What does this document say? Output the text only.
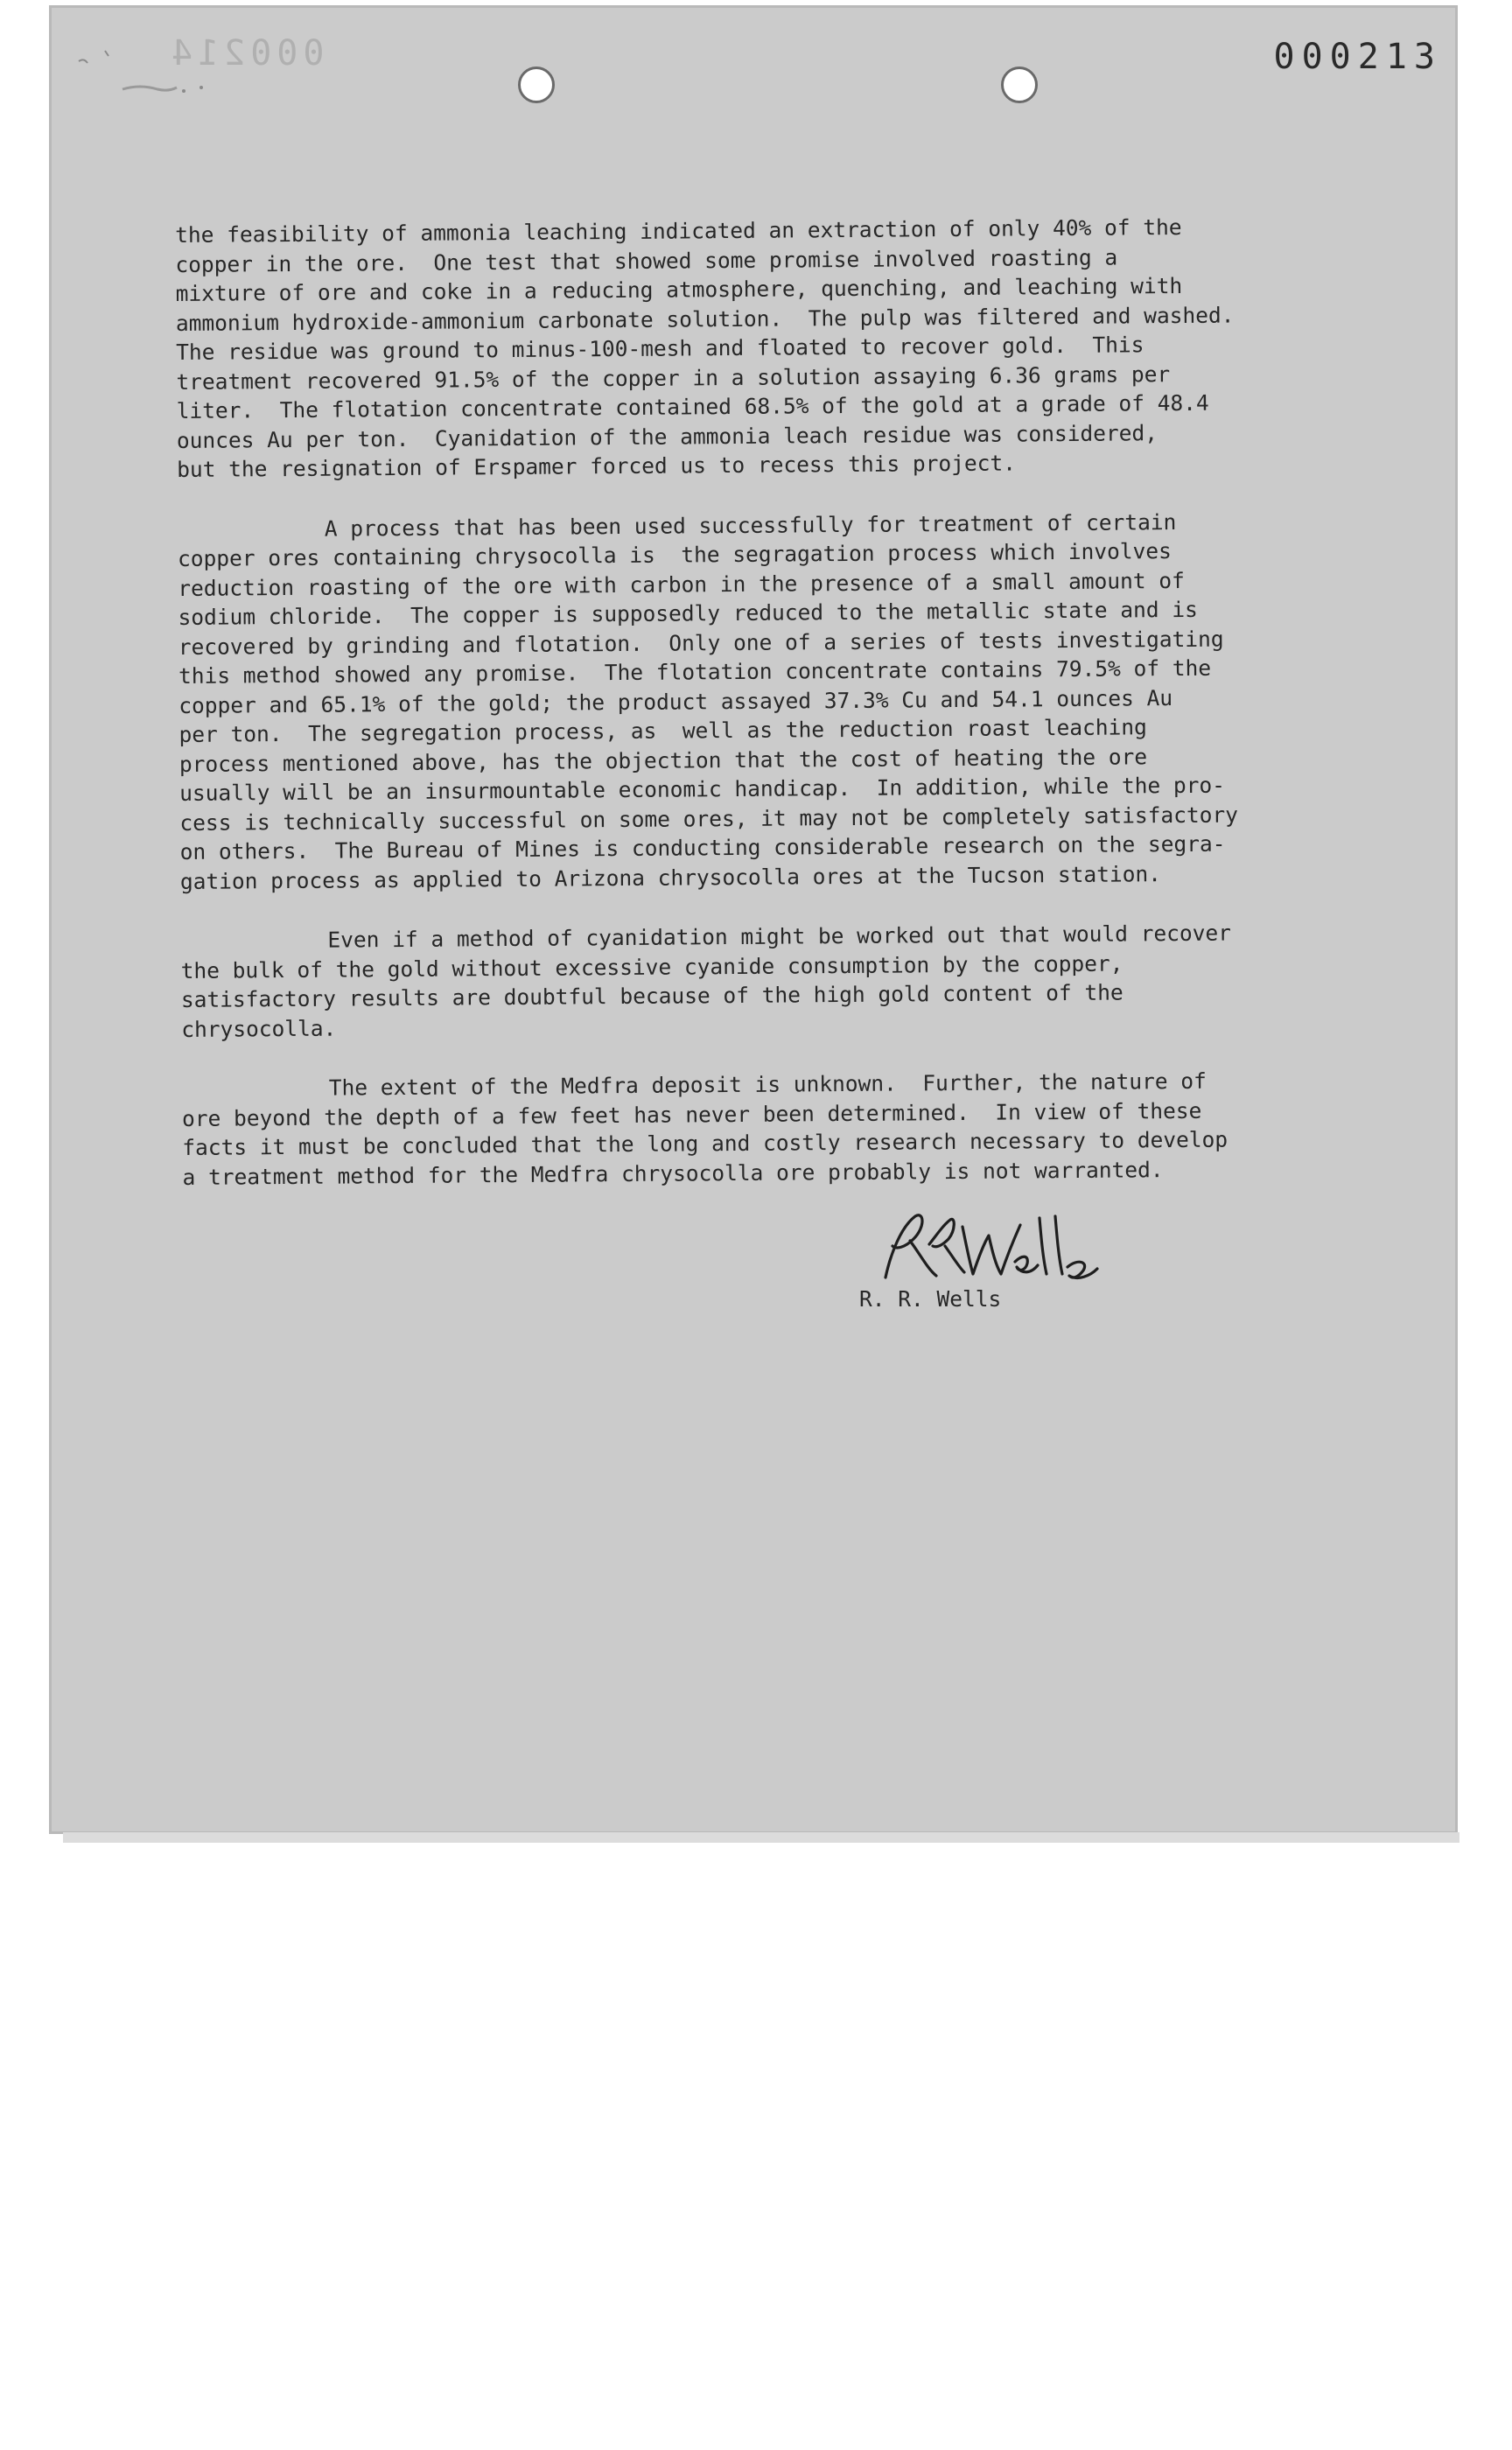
000214	000213

the feasibility of ammonia leaching indicated an extraction of only 40% of the

copper in the ore.  One test that showed some promise involved roasting a

mixture of ore and coke in a reducing atmosphere, quenching, and leaching with

ammonium hydroxide-ammonium carbonate solution.  The pulp was filtered and washed.

The residue was ground to minus-100-mesh and floated to recover gold.  This

treatment recovered 91.5% of the copper in a solution assaying 6.36 grams per

liter.  The flotation concentrate contained 68.5% of the gold at a grade of 48.4

ounces Au per ton.  Cyanidation of the ammonia leach residue was considered,

but the resignation of Erspamer forced us to recess this project.

A process that has been used successfully for treatment of certain

copper ores containing chrysocolla is  the segragation process which involves

reduction roasting of the ore with carbon in the presence of a small amount of

sodium chloride.  The copper is supposedly reduced to the metallic state and is

recovered by grinding and flotation.  Only one of a series of tests investigating

this method showed any promise.  The flotation concentrate contains 79.5% of the

copper and 65.1% of the gold; the product assayed 37.3% Cu and 54.1 ounces Au

per ton.  The segregation process, as  well as the reduction roast leaching

process mentioned above, has the objection that the cost of heating the ore

usually will be an insurmountable economic handicap.  In addition, while the pro-

cess is technically successful on some ores, it may not be completely satisfactory

on others.  The Bureau of Mines is conducting considerable research on the segra-

gation process as applied to Arizona chrysocolla ores at the Tucson station.

Even if a method of cyanidation might be worked out that would recover

the bulk of the gold without excessive cyanide consumption by the copper,

satisfactory results are doubtful because of the high gold content of the

chrysocolla.

The extent of the Medfra deposit is unknown.  Further, the nature of

ore beyond the depth of a few feet has never been determined.  In view of these

facts it must be concluded that the long and costly research necessary to develop

a treatment method for the Medfra chrysocolla ore probably is not warranted.

R. R. Wells
